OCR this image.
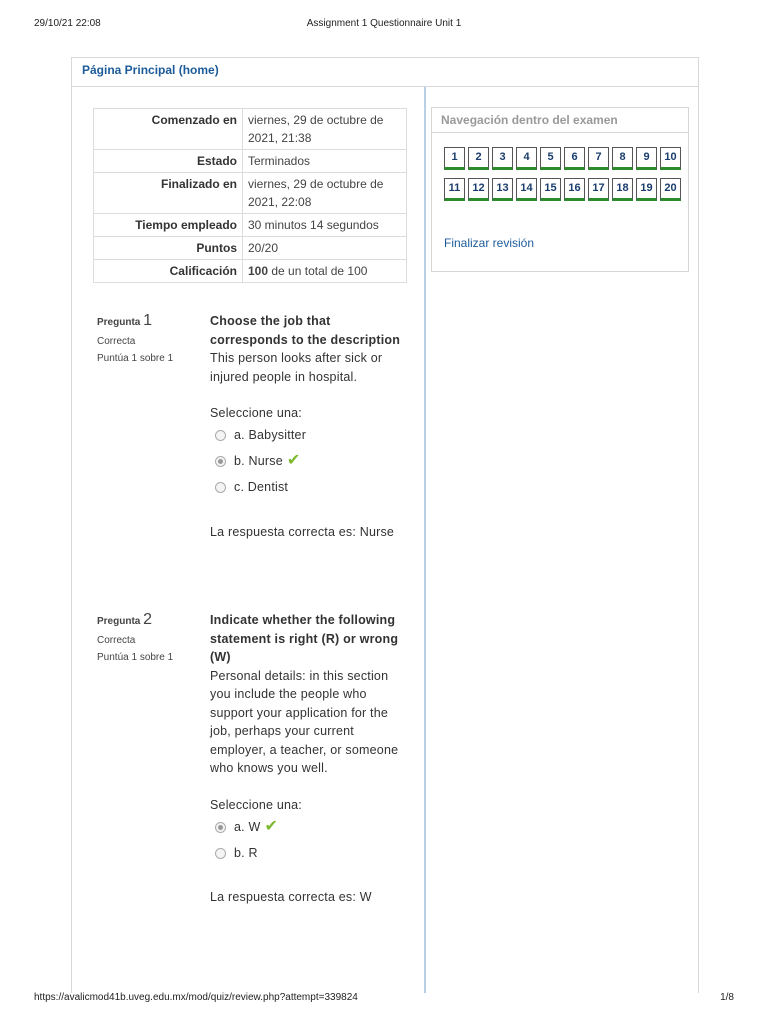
29/10/21 22:08	Assignment 1 Questionnaire Unit 1
Página Principal (home)
Comenzado en	viernes, 29 de octubre de 2021, 21:38
Estado	Terminados
Finalizado en	viernes, 29 de octubre de 2021, 22:08
Tiempo empleado	30 minutos 14 segundos
Puntos	20/20
Calificación	100 de un total de 100
Pregunta 1
Correcta
Puntúa 1 sobre 1
Choose the job that corresponds to the description
This person looks after sick or injured people in hospital.
Seleccione una:
a. Babysitter
b. Nurse ✔
c. Dentist
La respuesta correcta es: Nurse
Pregunta 2
Correcta
Puntúa 1 sobre 1
Indicate whether the following statement is right (R) or wrong (W)
Personal details: in this section you include the people who support your application for the job, perhaps your current employer, a teacher, or someone who knows you well.
Seleccione una:
a. W ✔
b. R
La respuesta correcta es: W
Navegación dentro del examen
1 2 3 4 5 6 7 8 9 1011 12 13 14 15 16 17 18 19 20
Finalizar revisión
https://avalicmod41b.uveg.edu.mx/mod/quiz/review.php?attempt=339824	1/8
